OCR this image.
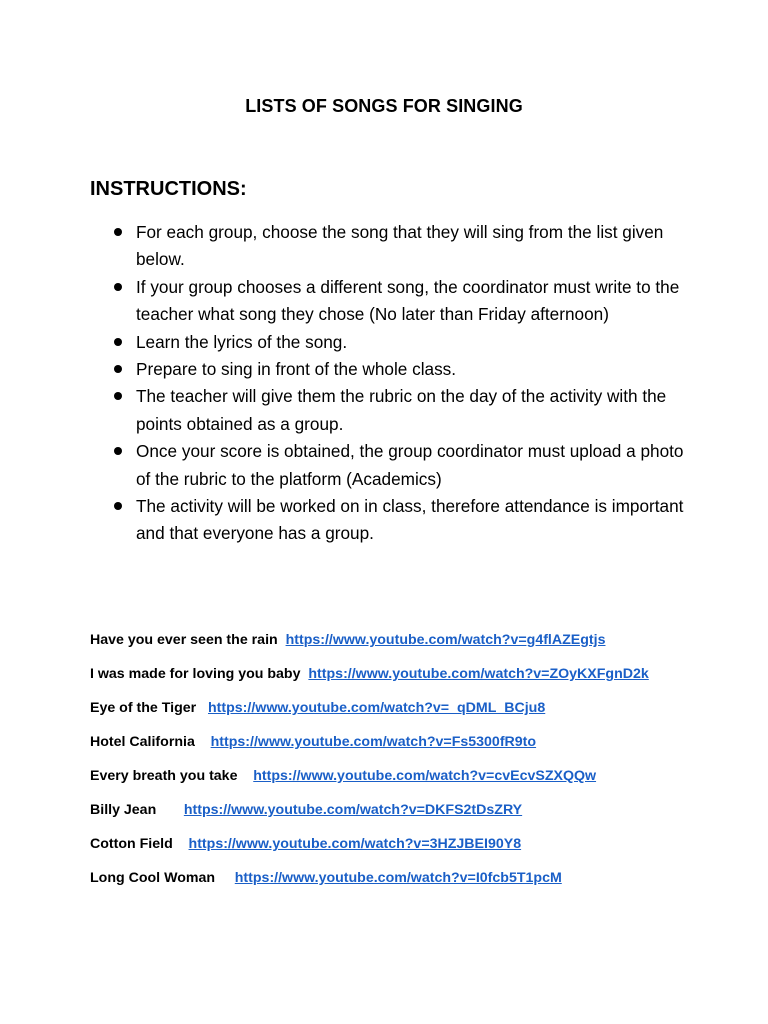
LISTS OF SONGS FOR SINGING
INSTRUCTIONS:
For each group, choose the song that they will sing from the list given below.
If your group chooses a different song, the coordinator must write to the teacher what song they chose (No later than Friday afternoon)
Learn the lyrics of the song.
Prepare to sing in front of the whole class.
The teacher will give them the rubric on the day of the activity with the points obtained as a group.
Once your score is obtained, the group coordinator must upload a photo of the rubric to the platform (Academics)
The activity will be worked on in class, therefore attendance is important and that everyone has a group.
Have you ever seen the rain https://www.youtube.com/watch?v=g4flAZEgtjs
I was made for loving you baby https://www.youtube.com/watch?v=ZOyKXFgnD2k
Eye of the Tiger https://www.youtube.com/watch?v=_qDML_BCju8
Hotel California https://www.youtube.com/watch?v=Fs5300fR9to
Every breath you take https://www.youtube.com/watch?v=cvEcvSZXQQw
Billy Jean https://www.youtube.com/watch?v=DKFS2tDsZRY
Cotton Field https://www.youtube.com/watch?v=3HZJBEI90Y8
Long Cool Woman https://www.youtube.com/watch?v=I0fcb5T1pcM
